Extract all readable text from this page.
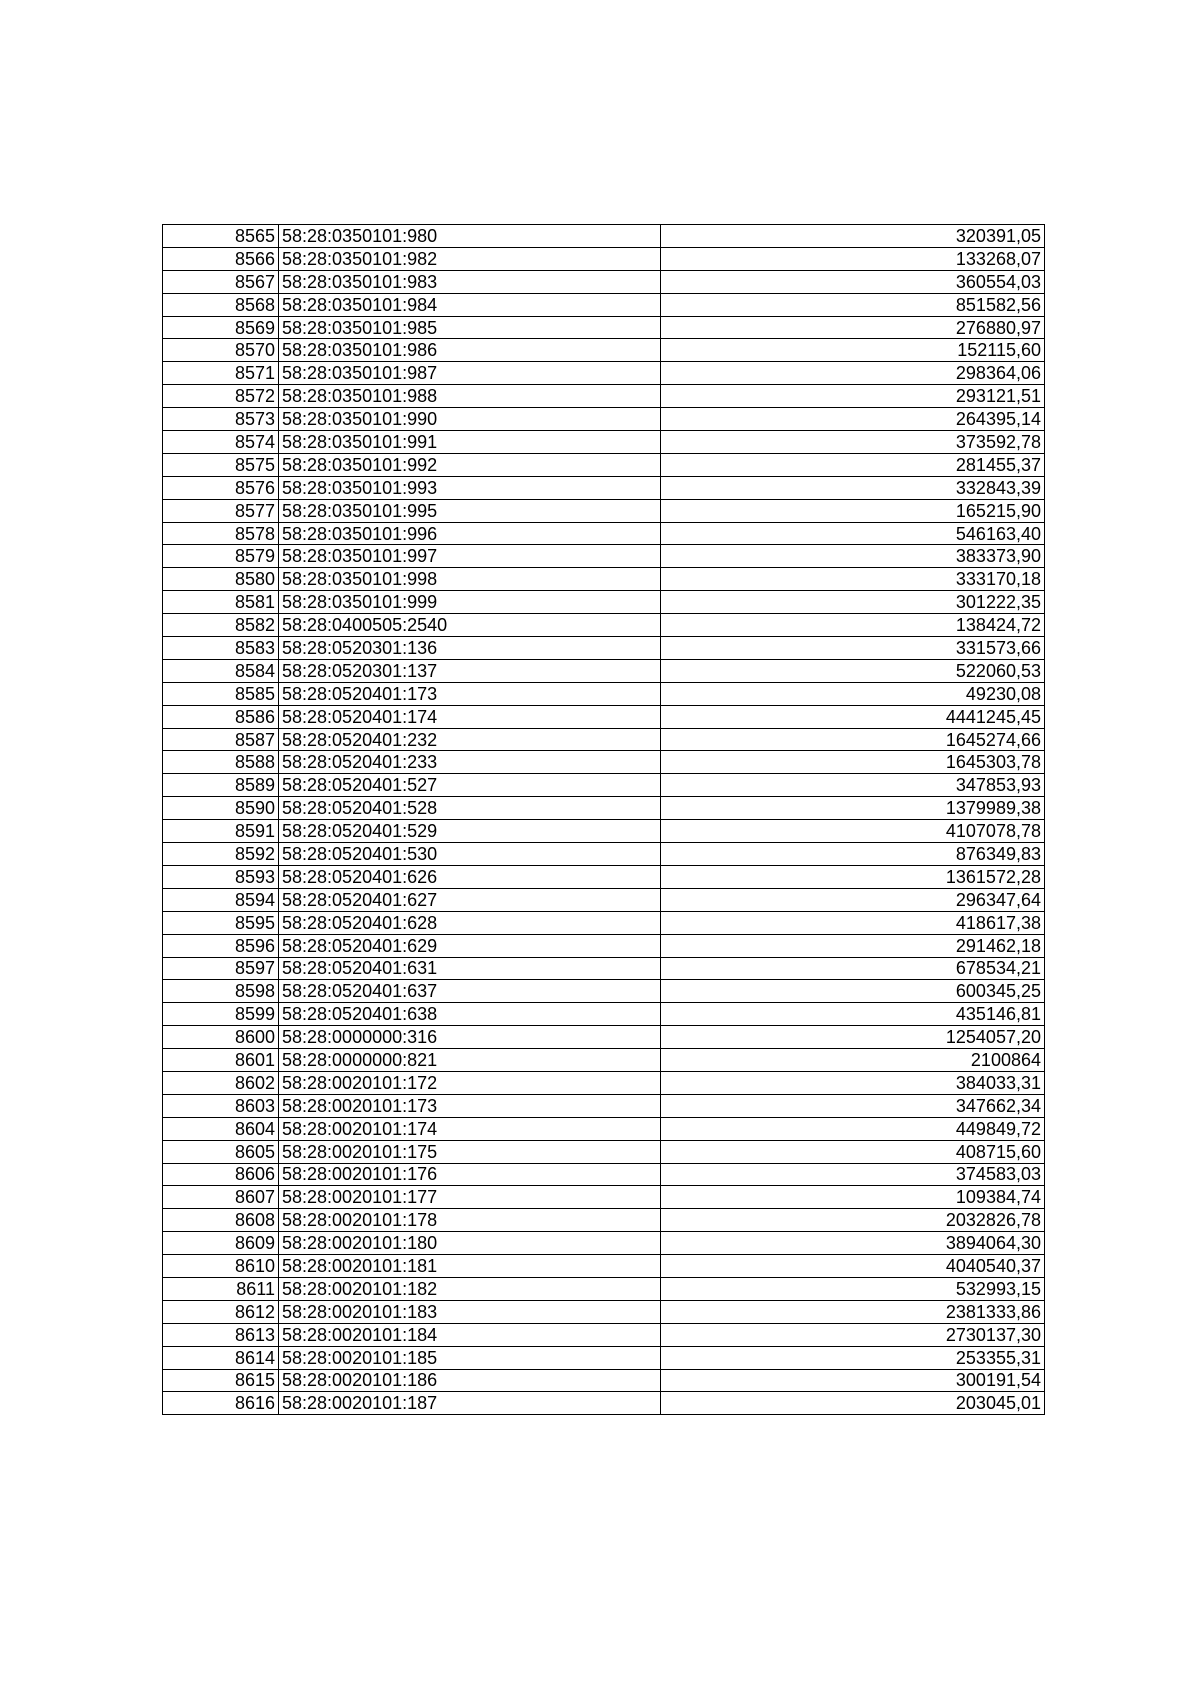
8565	58:28:0350101:980	320391,05
8566	58:28:0350101:982	133268,07
8567	58:28:0350101:983	360554,03
8568	58:28:0350101:984	851582,56
8569	58:28:0350101:985	276880,97
8570	58:28:0350101:986	152115,60
8571	58:28:0350101:987	298364,06
8572	58:28:0350101:988	293121,51
8573	58:28:0350101:990	264395,14
8574	58:28:0350101:991	373592,78
8575	58:28:0350101:992	281455,37
8576	58:28:0350101:993	332843,39
8577	58:28:0350101:995	165215,90
8578	58:28:0350101:996	546163,40
8579	58:28:0350101:997	383373,90
8580	58:28:0350101:998	333170,18
8581	58:28:0350101:999	301222,35
8582	58:28:0400505:2540	138424,72
8583	58:28:0520301:136	331573,66
8584	58:28:0520301:137	522060,53
8585	58:28:0520401:173	49230,08
8586	58:28:0520401:174	4441245,45
8587	58:28:0520401:232	1645274,66
8588	58:28:0520401:233	1645303,78
8589	58:28:0520401:527	347853,93
8590	58:28:0520401:528	1379989,38
8591	58:28:0520401:529	4107078,78
8592	58:28:0520401:530	876349,83
8593	58:28:0520401:626	1361572,28
8594	58:28:0520401:627	296347,64
8595	58:28:0520401:628	418617,38
8596	58:28:0520401:629	291462,18
8597	58:28:0520401:631	678534,21
8598	58:28:0520401:637	600345,25
8599	58:28:0520401:638	435146,81
8600	58:28:0000000:316	1254057,20
8601	58:28:0000000:821	2100864
8602	58:28:0020101:172	384033,31
8603	58:28:0020101:173	347662,34
8604	58:28:0020101:174	449849,72
8605	58:28:0020101:175	408715,60
8606	58:28:0020101:176	374583,03
8607	58:28:0020101:177	109384,74
8608	58:28:0020101:178	2032826,78
8609	58:28:0020101:180	3894064,30
8610	58:28:0020101:181	4040540,37
8611	58:28:0020101:182	532993,15
8612	58:28:0020101:183	2381333,86
8613	58:28:0020101:184	2730137,30
8614	58:28:0020101:185	253355,31
8615	58:28:0020101:186	300191,54
8616	58:28:0020101:187	203045,01
